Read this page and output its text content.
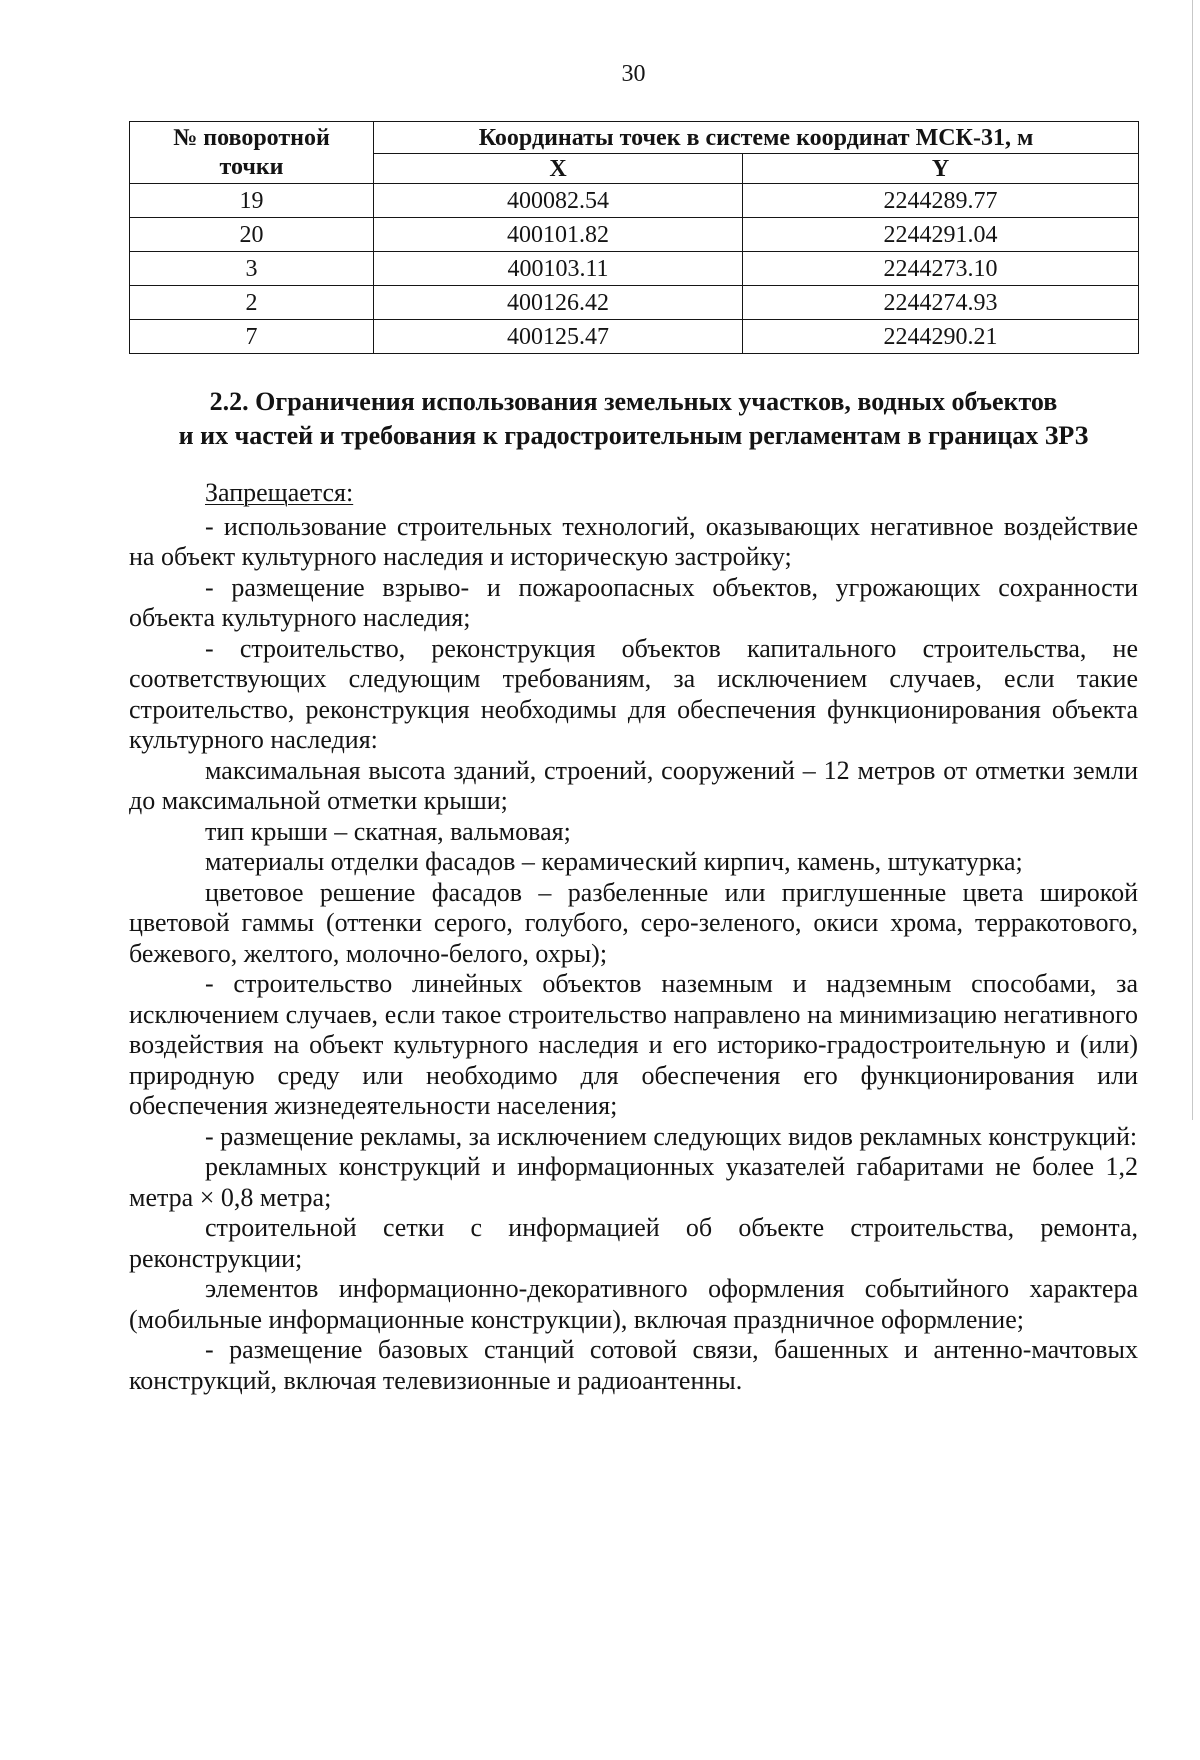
30
№ поворотной
точки	Координаты точек в системе координат МСК-31, м	
	X	Y
19	400082.54	2244289.77
20	400101.82	2244291.04
3	400103.11	2244273.10
2	400126.42	2244274.93
7	400125.47	2244290.21
2.2. Ограничения использования земельных участков, водных объектов
и их частей и требования к градостроительным регламентам в границах ЗРЗ

Запрещается:

- использование строительных технологий, оказывающих негативное воздействие на объект культурного наследия и историческую застройку;

- размещение взрыво- и пожароопасных объектов, угрожающих сохранности объекта культурного наследия;

- строительство, реконструкция объектов капитального строительства, не соответствующих следующим требованиям, за исключением случаев, если такие строительство, реконструкция необходимы для обеспечения функционирования объекта культурного наследия:

максимальная высота зданий, строений, сооружений – 12 метров от отметки земли до максимальной отметки крыши;

тип крыши – скатная, вальмовая;

материалы отделки фасадов – керамический кирпич, камень, штукатурка;

цветовое решение фасадов – разбеленные или приглушенные цвета широкой цветовой гаммы (оттенки серого, голубого, серо-зеленого, окиси хрома, терракотового, бежевого, желтого, молочно-белого, охры);

- строительство линейных объектов наземным и надземным способами, за исключением случаев, если такое строительство направлено на минимизацию негативного воздействия на объект культурного наследия и его историко-градостроительную и (или) природную среду или необходимо для обеспечения его функционирования или обеспечения жизнедеятельности населения;

- размещение рекламы, за исключением следующих видов рекламных конструкций:

рекламных конструкций и информационных указателей габаритами не более 1,2 метра × 0,8 метра;

строительной сетки с информацией об объекте строительства, ремонта, реконструкции;

элементов информационно-декоративного оформления событийного характера (мобильные информационные конструкции), включая праздничное оформление;

- размещение базовых станций сотовой связи, башенных и антенно-мачтовых конструкций, включая телевизионные и радиоантенны.
